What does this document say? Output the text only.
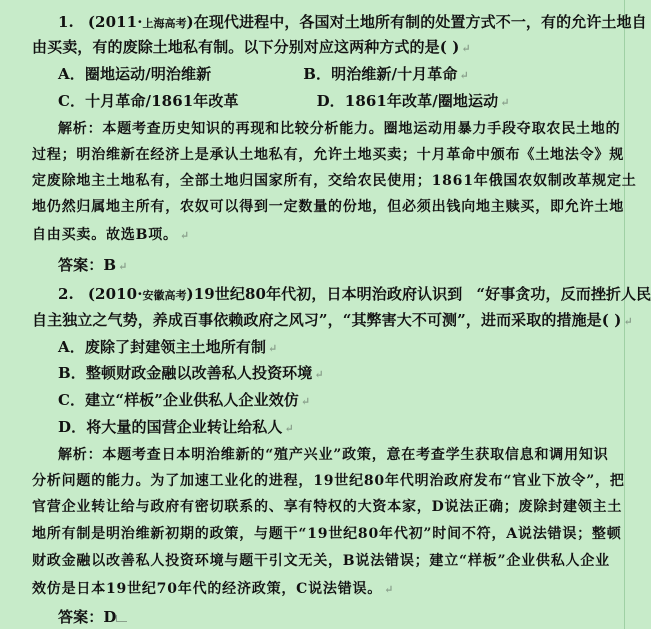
1. (2011·上海高考)在现代进程中，各国对土地所有制的处置方式不一，有的允许土地自
由买卖，有的废除土地私有制。以下分别对应这两种方式的是( ) ↵
A．圈地运动/明治维新	B．明治维新/十月革命 ↵
C．十月革命/1861年改革	D．1861年改革/圈地运动 ↵
解析：本题考查历史知识的再现和比较分析能力。圈地运动用暴力手段夺取农民土地的
过程；明治维新在经济上是承认土地私有，允许土地买卖；十月革命中颁布《土地法令》规
定废除地主土地私有，全部土地归国家所有，交给农民使用；1861年俄国农奴制改革规定土
地仍然归属地主所有，农奴可以得到一定数量的份地，但必须出钱向地主赎买，即允许土地
自由买卖。故选B项。 ↵
答案：B ↵
2. (2010·安徽高考)19世纪80年代初，日本明治政府认识到 “好事贪功，反而挫折人民
自主独立之气势，养成百事依赖政府之风习”，“其弊害大不可测”，进而采取的措施是( ) ↵
A．废除了封建领主土地所有制 ↵
B．整顿财政金融以改善私人投资环境 ↵
C．建立“样板”企业供私人企业效仿 ↵
D．将大量的国营企业转让给私人 ↵
解析：本题考查日本明治维新的“殖产兴业”政策，意在考查学生获取信息和调用知识
分析问题的能力。为了加速工业化的进程，19世纪80年代明治政府发布“官业下放令”，把
官营企业转让给与政府有密切联系的、享有特权的大资本家，D说法正确；废除封建领主土
地所有制是明治维新初期的政策，与题干“19世纪80年代初”时间不符，A说法错误；整顿
财政金融以改善私人投资环境与题干引文无关，B说法错误；建立“样板”企业供私人企业
效仿是日本19世纪70年代的经济政策，C说法错误。 ↵
答案：D
